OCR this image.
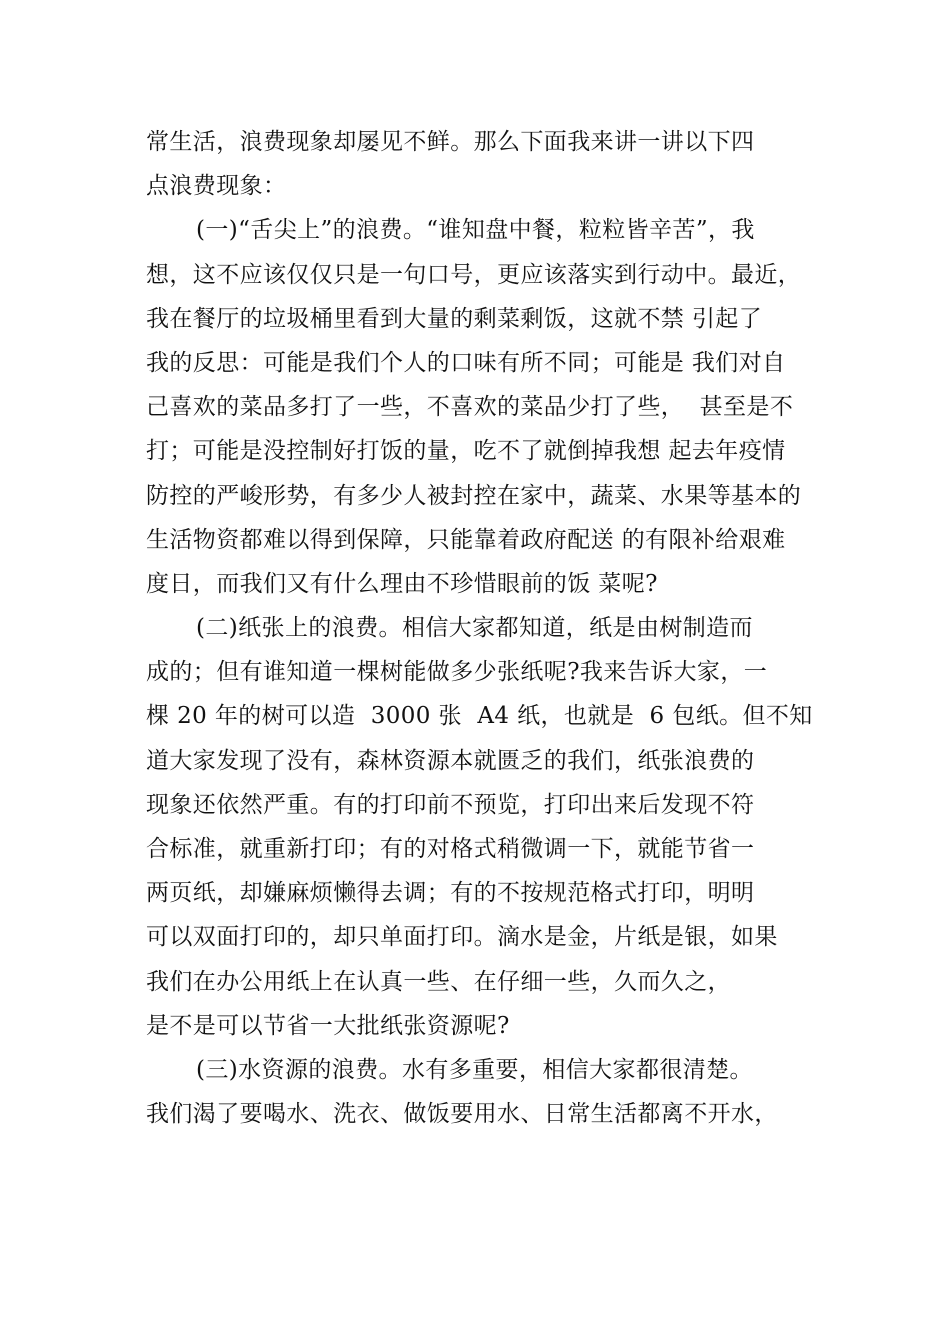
常生活，浪费现象却屡见不鲜。那么下面我来讲一讲以下四
点浪费现象：
(一)“舌尖上”的浪费。“谁知盘中餐，粒粒皆辛苦”，我
想，这不应该仅仅只是一句口号，更应该落实到行动中。最近，
我在餐厅的垃圾桶里看到大量的剩菜剩饭，这就不禁 引起了
我的反思：可能是我们个人的口味有所不同；可能是 我们对自
己喜欢的菜品多打了一些，不喜欢的菜品少打了些，  甚至是不
打；可能是没控制好打饭的量，吃不了就倒掉我想 起去年疫情
防控的严峻形势，有多少人被封控在家中，蔬菜、水果等基本的
生活物资都难以得到保障，只能靠着政府配送 的有限补给艰难
度日，而我们又有什么理由不珍惜眼前的饭 菜呢?
(二)纸张上的浪费。相信大家都知道，纸是由树制造而
成的；但有谁知道一棵树能做多少张纸呢?我来告诉大家，一
棵 20 年的树可以造  3000 张  A4 纸，也就是  6 包纸。但不知
道大家发现了没有，森林资源本就匮乏的我们，纸张浪费的
现象还依然严重。有的打印前不预览，打印出来后发现不符
合标准，就重新打印；有的对格式稍微调一下，就能节省一
两页纸，却嫌麻烦懒得去调；有的不按规范格式打印，明明
可以双面打印的，却只单面打印。滴水是金，片纸是银，如果
我们在办公用纸上在认真一些、在仔细一些，久而久之，
是不是可以节省一大批纸张资源呢?
(三)水资源的浪费。水有多重要，相信大家都很清楚。
我们渴了要喝水、洗衣、做饭要用水、日常生活都离不开水，
